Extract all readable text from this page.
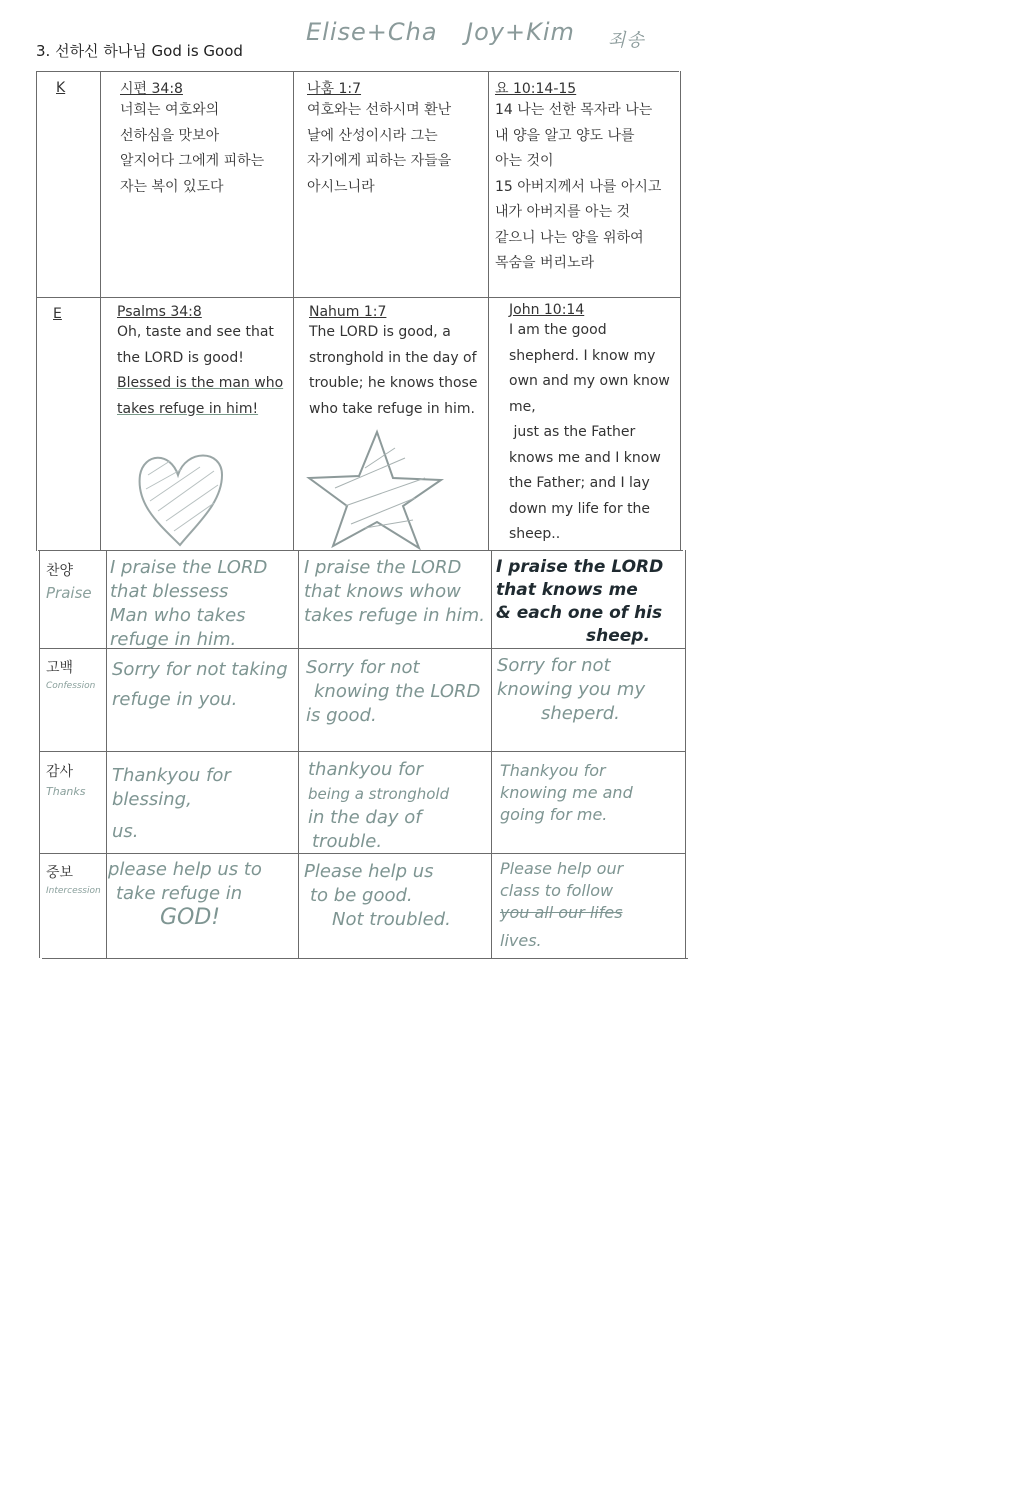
3. 선하신 하나님 God is Good
Elise+Cha Joy+Kim 죄송
K
E
찬양
Praise
고백
Confession
감사
Thanks
중보
Intercession
시편 34:8

너희는 여호와의

선하심을 맛보아

알지어다 그에게 피하는

자는 복이 있도다

나훔 1:7

여호와는 선하시며 환난

날에 산성이시라 그는

자기에게 피하는 자들을

아시느니라

요 10:14-15

14 나는 선한 목자라 나는

내 양을 알고 양도 나를

아는 것이

15 아버지께서 나를 아시고

내가 아버지를 아는 것

같으니 나는 양을 위하여

목숨을 버리노라

Psalms 34:8

Oh, taste and see that

the LORD is good!

Blessed is the man who

takes refuge in him!

Nahum 1:7

The LORD is good, a

stronghold in the day of

trouble; he knows those

who take refuge in him.

John 10:14

I am the good

shepherd. I know my

own and my own know

me,

just as the Father

knows me and I know

the Father; and I lay

down my life for the

sheep..

I praise the LORD
that blessess
Man who takes
refuge in him.
I praise the LORD
that knows whow
takes refuge in him.
I praise the LORD
that knows me
& each one of his
sheep.
Sorry for not taking
refuge in you.
Sorry for not
knowing the LORD
is good.
Sorry for not
knowing you my
sheperd.
Thankyou for blessing,
us.
thankyou for
being a stronghold
in the day of
trouble.
Thankyou for
knowing me and
going for me.
please help us to
take refuge in
GOD!
Please help us
to be good.
Not troubled.
Please help our
class to follow
you all our lifes
lives.
